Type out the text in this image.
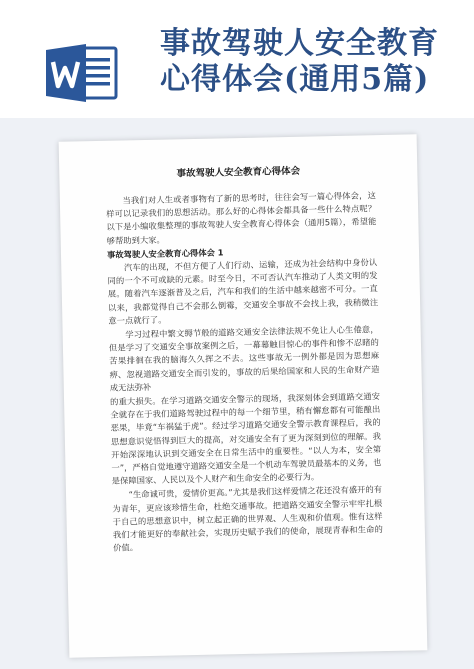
事故驾驶人安全教育心得体会(通用5篇)
事故驾驶人安全教育心得体会

当我们对人生或者事物有了新的思考时，往往会写一篇心得体会，这样可以记录我们的思想活动。那么好的心得体会都具备一些什么特点呢？以下是小编收集整理的事故驾驶人安全教育心得体会（通用5篇），希望能够帮助到大家。

事故驾驶人安全教育心得体会 1

汽车的出现，不但方便了人们行动、运输，还成为社会结构中身份认同的一个不可或缺的元素。时至今日，不可否认汽车推动了人类文明的发展。随着汽车逐渐普及之后，汽车和我们的生活中越来越密不可分。一直以来，我都觉得自己不会那么倒霉，交通安全事故不会找上我，我稍微注意一点就行了。

学习过程中繁文缛节般的道路交通安全法律法规不免让人心生倦意，但是学习了交通安全事故案例之后，一幕幕触目惊心的事件和惨不忍睹的苦果排徊在我的脑海久久挥之不去。这些事故无一例外都是因为思想麻痹、忽视道路交通安全而引发的，事故的后果给国家和人民的生命财产造成无法弥补

的重大损失。在学习道路交通安全警示的现场，我深刻体会到道路交通安全就存在于我们道路驾驶过程中的每一个细节里，稍有懈怠都有可能酿出恶果，毕竟“车祸猛于虎”。经过学习道路交通安全警示教育课程后，我的思想意识觉悟得到巨大的提高，对交通安全有了更为深刻到位的理解。我开始深深地认识到交通安全在日常生活中的重要性。“以人为本，安全第一”，严格自觉地遵守道路交通安全是一个机动车驾驶员最基本的义务，也是保障国家、人民以及个人财产和生命安全的必要行为。

“生命诚可贵，爱情价更高。”尤其是我们这样爱情之花还没有盛开的有为青年，更应该珍惜生命，杜绝交通事故。把道路交通安全警示牢牢扎根于自己的思想意识中，树立起正确的世界观、人生观和价值观。惟有这样我们才能更好的奉献社会，实现历史赋予我们的使命，展现青春和生命的价值。
